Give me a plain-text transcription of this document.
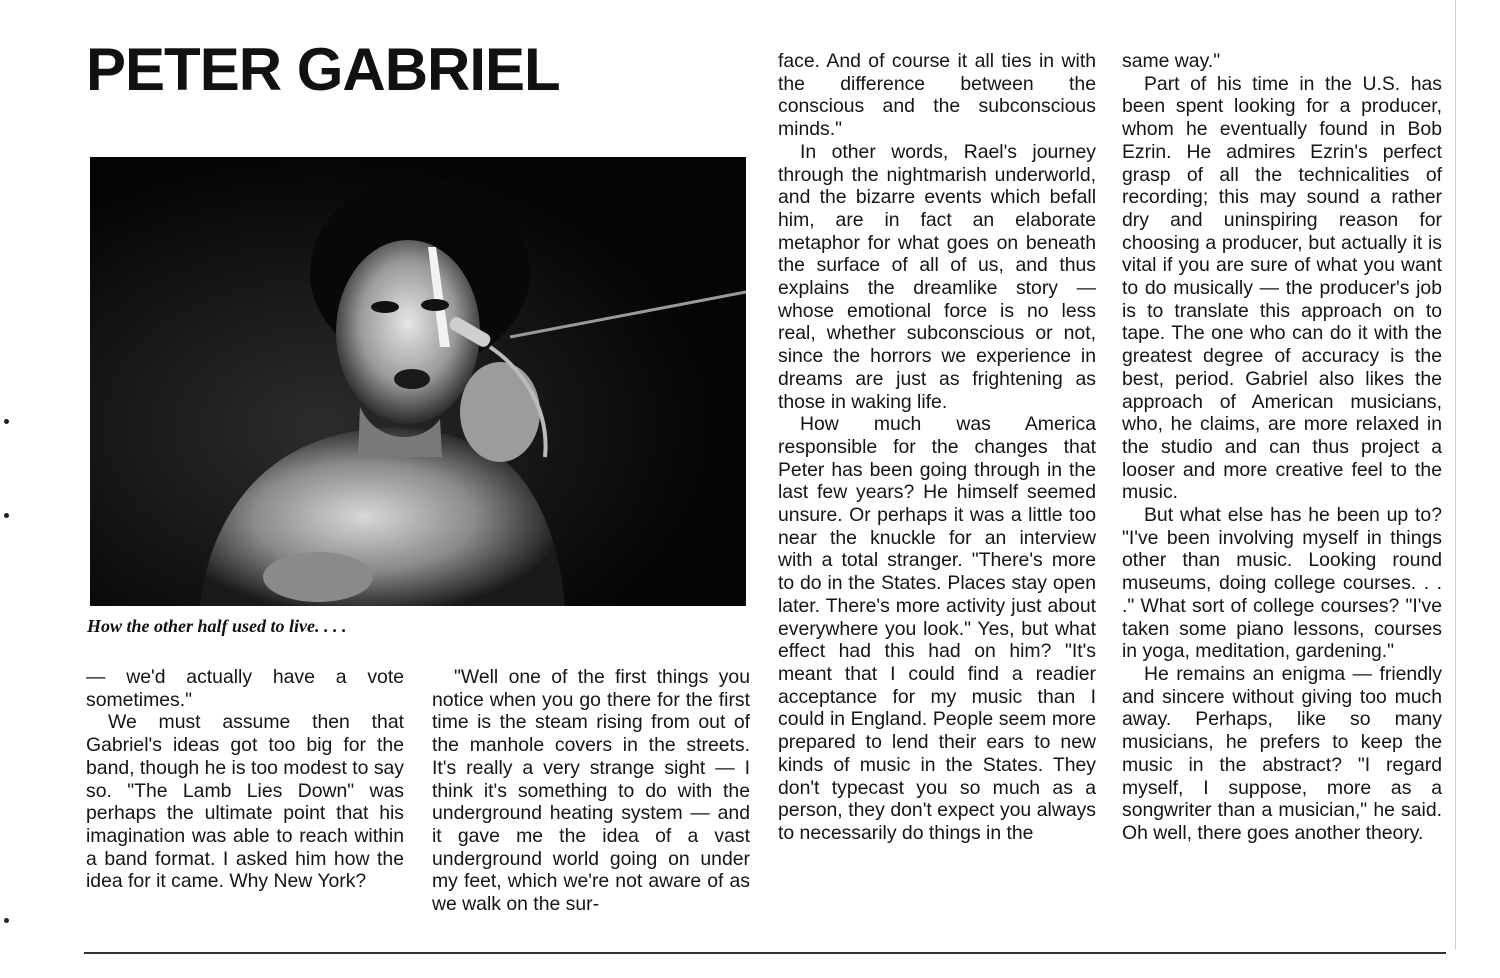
PETER GABRIEL
How the other half used to live. . . .

— we'd actually have a vote sometimes."

We must assume then that Gabriel's ideas got too big for the band, though he is too modest to say so. "The Lamb Lies Down" was perhaps the ultimate point that his imagination was able to reach within a band format. I asked him how the idea for it came. Why New York?

"Well one of the first things you notice when you go there for the first time is the steam rising from out of the manhole covers in the streets. It's really a very strange sight — I think it's something to do with the underground heating system — and it gave me the idea of a vast underground world going on under my feet, which we're not aware of as we walk on the sur-

face. And of course it all ties in with the difference between the conscious and the subconscious minds."

In other words, Rael's journey through the nightmarish underworld, and the bizarre events which befall him, are in fact an elaborate metaphor for what goes on beneath the surface of all of us, and thus explains the dreamlike story — whose emotional force is no less real, whether subconscious or not, since the horrors we experience in dreams are just as frightening as those in waking life.

How much was America responsible for the changes that Peter has been going through in the last few years? He himself seemed unsure. Or perhaps it was a little too near the knuckle for an interview with a total stranger. "There's more to do in the States. Places stay open later. There's more activity just about everywhere you look." Yes, but what effect had this had on him? "It's meant that I could find a readier acceptance for my music than I could in England. People seem more prepared to lend their ears to new kinds of music in the States. They don't typecast you so much as a person, they don't expect you always to necessarily do things in the

same way."

Part of his time in the U.S. has been spent looking for a producer, whom he eventually found in Bob Ezrin. He admires Ezrin's perfect grasp of all the technicalities of recording; this may sound a rather dry and uninspiring reason for choosing a producer, but actually it is vital if you are sure of what you want to do musically — the producer's job is to translate this approach on to tape. The one who can do it with the greatest degree of accuracy is the best, period. Gabriel also likes the approach of American musicians, who, he claims, are more relaxed in the studio and can thus project a looser and more creative feel to the music.

But what else has he been up to? "I've been involving myself in things other than music. Looking round museums, doing college courses. . . ." What sort of college courses? "I've taken some piano lessons, courses in yoga, meditation, gardening."

He remains an enigma — friendly and sincere without giving too much away. Perhaps, like so many musicians, he prefers to keep the music in the abstract? "I regard myself, I suppose, more as a songwriter than a musician," he said. Oh well, there goes another theory.
